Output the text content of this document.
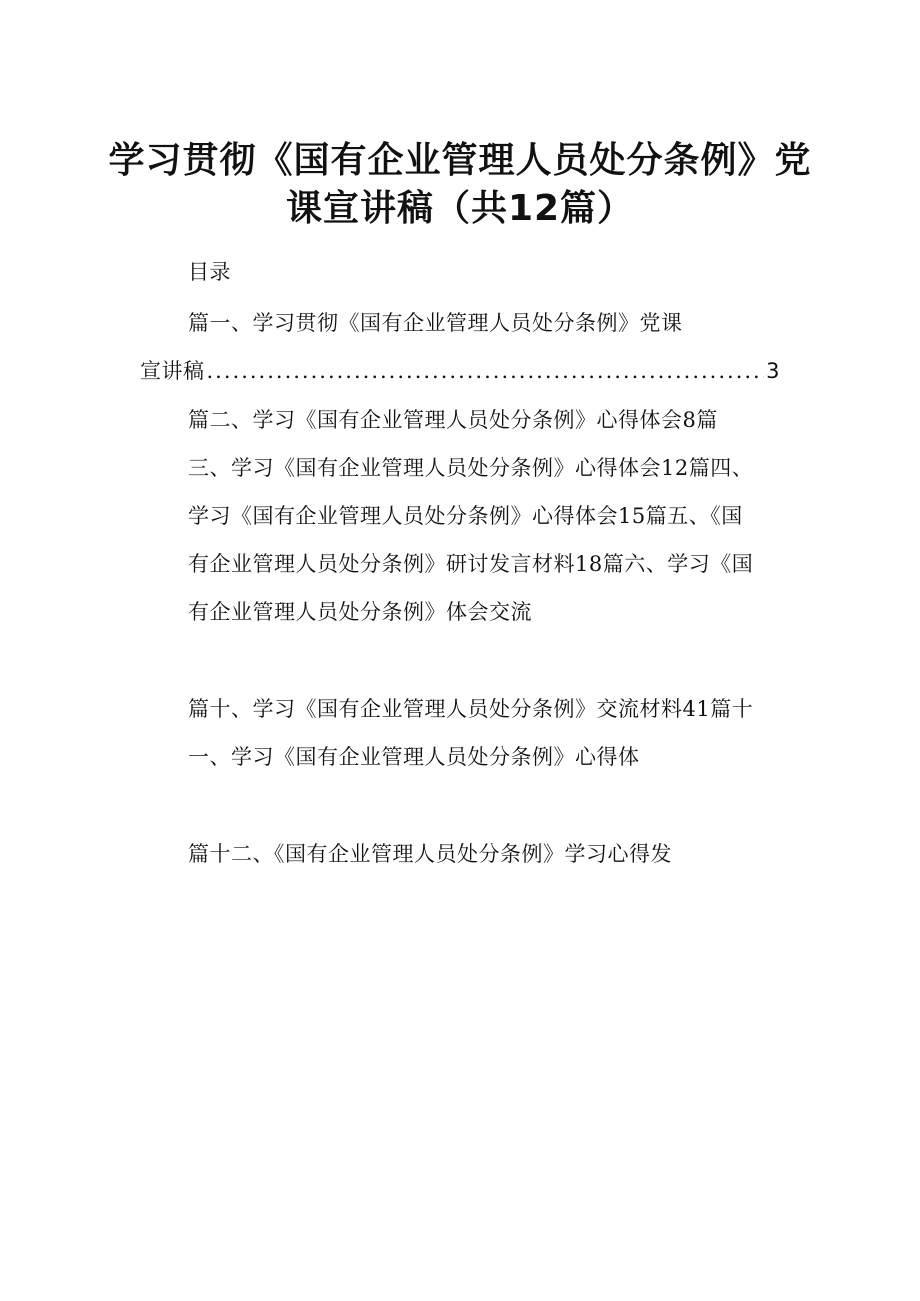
学习贯彻《国有企业管理人员处分条例》党
课宣讲稿（共12篇）
目录
篇一、学习贯彻《国有企业管理人员处分条例》党课
宣讲稿
.....	3
篇二、学习《国有企业管理人员处分条例》心得体会8篇
三、学习《国有企业管理人员处分条例》心得体会12篇四、
学习《国有企业管理人员处分条例》心得体会15篇五、《国
有企业管理人员处分条例》研讨发言材料18篇六、学习《国
有企业管理人员处分条例》体会交流
篇十、学习《国有企业管理人员处分条例》交流材料41篇十
一、学习《国有企业管理人员处分条例》心得体
篇十二、《国有企业管理人员处分条例》学习心得发
